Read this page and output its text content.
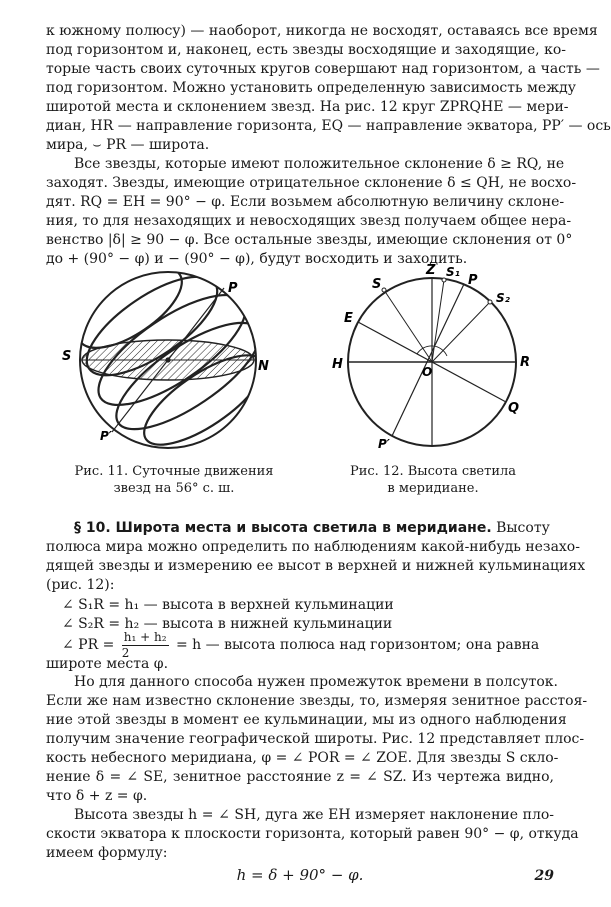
к южному полюсу) — наоборот, никогда не восходят, оставаясь все время
под горизонтом и, наконец, есть звезды восходящие и заходящие, ко-
торые часть своих суточных кругов совершают над горизонтом, а часть —
под горизонтом. Можно установить определенную зависимость между
широтой места и склонением звезд. На рис. 12 круг ZPRQHE — мери-
диан, HR — направление горизонта, EQ — направление экватора, PP′ — ось
мира, ⌣ PR — широта.
Все звезды, которые имеют положительное склонение δ ≥ RQ, не
заходят. Звезды, имеющие отрицательное склонение δ ≤ QH, не восхо-
дят. RQ = EH = 90° − φ. Если возьмем абсолютную величину склоне-
ния, то для незаходящих и невосходящих звезд получаем общее нера-
венство |δ| ≥ 90 − φ. Все остальные звезды, имеющие склонения от 0°
до + (90° − φ) и − (90° − φ), будут восходить и заходить.
P
S
N
P′
Рис. 11. Суточные движения
звезд на 56° с. ш.
Z S₁
P
S₂
S
E
H	O
R
Q
P′
Рис. 12. Высота светила
в меридиане.
§ 10. Широта места и высота светила в меридиане. Высоту
полюса мира можно определить по наблюдениям какой-нибудь незахо-
дящей звезды и измерению ее высот в верхней и нижней кульминациях
(рис. 12):
∠ S₁R = h₁ — высота в верхней кульминации
∠ S₂R = h₂ — высота в нижней кульминации
∠ PR = $\frac{\text{h₁ + h₂}}{2} = h$ — высота полюса над горизонтом; она равна
широте места φ.
Но для данного способа нужен промежуток времени в полсуток.
Если же нам известно склонение звезды, то, измеряя зенитное расстоя-
ние этой звезды в момент ее кульминации, мы из одного наблюдения
получим значение географической широты. Рис. 12 представляет плос-
кость небесного меридиана, φ = ∠ POR = ∠ ZOE. Для звезды S скло-
нение δ = ∠ SE, зенитное расстояние z = ∠ SZ. Из чертежа видно,
что δ + z = φ.
Высота звезды h = ∠ SH, дуга же EH измеряет наклонение пло-
скости экватора к плоскости горизонта, который равен 90° − φ, откуда
имеем формулу:
h = δ + 90° − φ.	29
